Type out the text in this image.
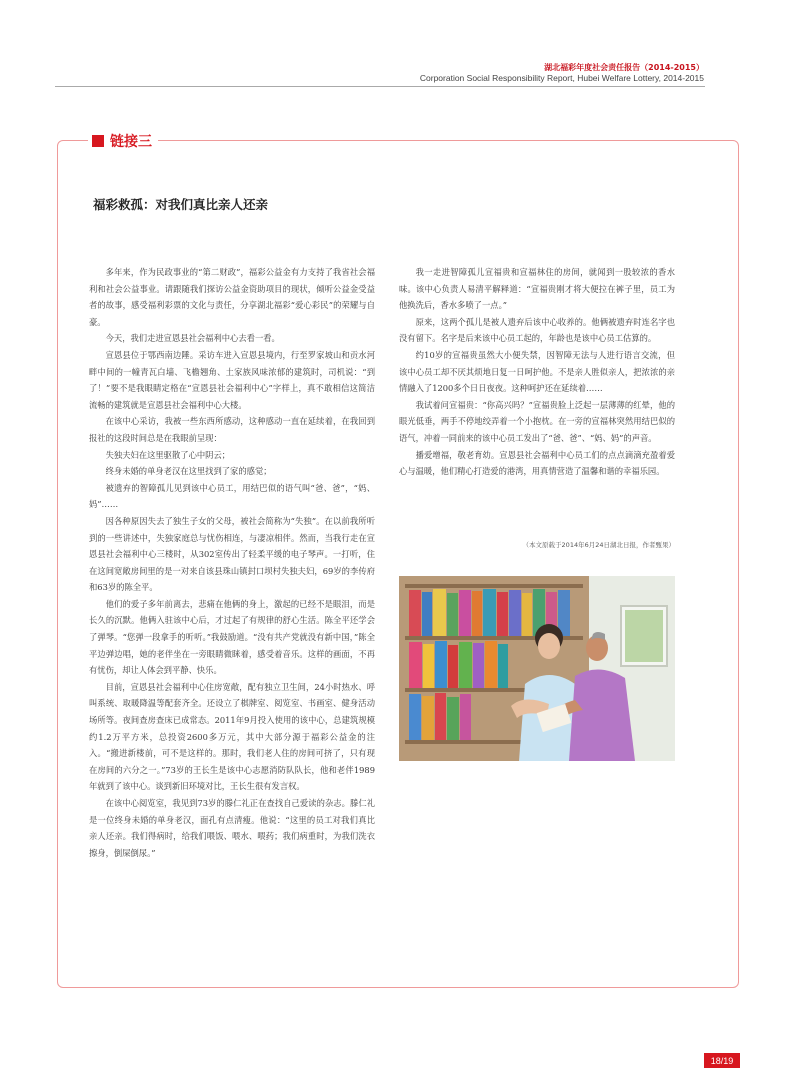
湖北福彩年度社会责任报告（2014-2015）
Corporation Social Responsibility Report, Hubei Welfare Lottery, 2014-2015
链接三
福彩救孤：对我们真比亲人还亲

多年来，作为民政事业的“第二财政”，福彩公益金有力支持了我省社会福利和社会公益事业。请跟随我们探访公益金资助项目的现状，倾听公益金受益者的故事，感受福利彩票的文化与责任，分享湖北福彩“爱心彩民”的荣耀与自豪。

今天，我们走进宣恩县社会福利中心去看一看。

宣恩县位于鄂西南边陲。采访车进入宣恩县境内，行至罗家坡山和贡水河畔中间的一幢青瓦白墙、飞檐翘角、土家族风味浓郁的建筑时，司机说：“到了！”要不是我眼睛定格在“宣恩县社会福利中心”字样上，真不敢相信这简洁流畅的建筑就是宣恩县社会福利中心大楼。

在该中心采访，我被一些东西所感动，这种感动一直在延续着，在我回到报社的这段时间总是在我眼前呈现：

失独夫妇在这里驱散了心中阴云；

终身未婚的单身老汉在这里找到了家的感觉；

被遗弃的智障孤儿见到该中心员工，用结巴似的语气叫“爸、爸”，“妈、妈”……

因各种原因失去了独生子女的父母，被社会简称为“失独”。在以前我所听到的一些讲述中，失独家庭总与忧伤相连，与凄凉相伴。然而，当我行走在宣恩县社会福利中心三楼时，从302室传出了轻柔平缓的电子琴声。一打听，住在这间宽敞房间里的是一对来自该县珠山镇封口坝村失独夫妇，69岁的李传府和63岁的陈全平。

他们的爱子多年前离去，悲痛在他俩的身上，激起的已经不是眼泪，而是长久的沉默。他俩入驻该中心后，才过起了有规律的舒心生活。陈全平还学会了弹琴。“您弹一段拿手的听听。”我鼓励道。“没有共产党就没有新中国，”陈全平边弹边唱，她的老伴坐在一旁眼睛微眯着，感受着音乐。这样的画面，不再有忧伤，却让人体会到平静、快乐。

目前，宣恩县社会福利中心住房宽敞，配有独立卫生间，24小时热水、呼叫系统、取暖降温等配套齐全。还设立了棋牌室、阅览室、书画室、健身活动场所等。夜间查房查床已成常态。2011年9月投入使用的该中心，总建筑规模约1.2万平方米，总投资2600多万元，其中大部分源于福彩公益金的注入。“搬进新楼前，可不是这样的。那时，我们老人住的房间可挤了，只有现在房间的六分之一。”73岁的王长生是该中心志愿消防队队长，他和老伴1989年就到了该中心。谈到新旧环境对比，王长生很有发言权。

在该中心阅览室，我见到73岁的滕仁礼正在查找自己爱读的杂志。滕仁礼是一位终身未婚的单身老汉，面孔有点清瘦。他说：“这里的员工对我们真比亲人还亲。我们得病时，给我们喂饭、喂水、喂药；我们病重时，为我们洗衣擦身，倒屎倒尿。”

我一走进智障孤儿宣福贵和宣福林住的房间，就闻到一股较浓的香水味。该中心负责人易清平解释道：“宣福贵刚才将大便拉在裤子里，员工为他换洗后，香水多喷了一点。”

原来，这两个孤儿是被人遗弃后该中心收养的。他俩被遗弃时连名字也没有留下。名字是后来该中心员工起的，年龄也是该中心员工估算的。

约10岁的宣福贵虽然大小便失禁，因智障无法与人进行语言交流，但该中心员工却不厌其烦地日复一日呵护他。不是亲人胜似亲人，把浓浓的亲情融入了1200多个日日夜夜。这种呵护还在延续着……

我试着问宣福贵：“你高兴吗？”宣福贵脸上泛起一层薄薄的红晕，他的眼光低垂，两手不停地绞弄着一个小抱枕。在一旁的宣福林突然用结巴似的语气，冲着一同前来的该中心员工发出了“爸、爸”、“妈、妈”的声音。

播爱增福，敬老育幼。宣恩县社会福利中心员工们的点点滴滴充盈着爱心与温暖，他们精心打造爱的港湾，用真情营造了温馨和谐的幸福乐园。

（本文原载于2014年6月24日湖北日报，作者甄果）
18/19
